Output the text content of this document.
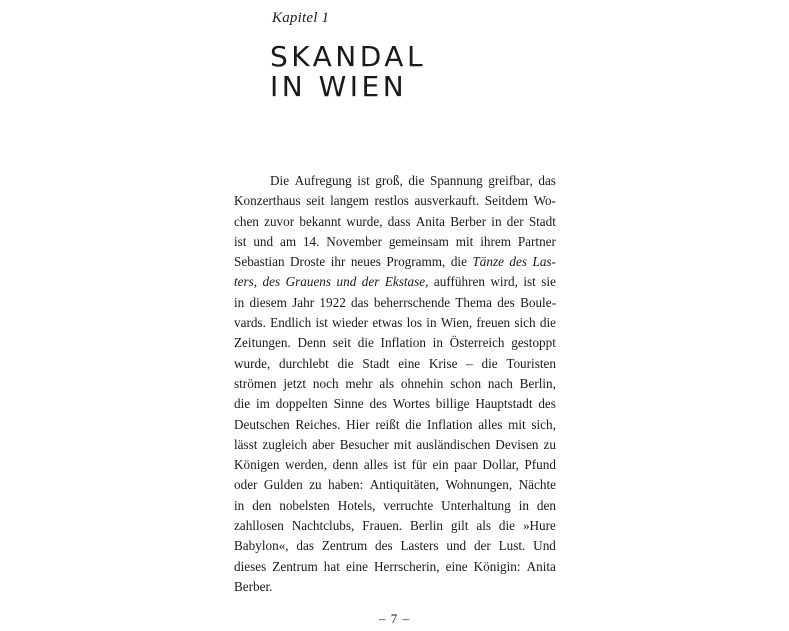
Kapitel 1
SKANDAL
IN WIEN
Die Aufregung ist groß, die Spannung greifbar, das
Konzerthaus seit langem restlos ausverkauft. Seitdem Wo-
chen zuvor bekannt wurde, dass Anita Berber in der Stadt
ist und am 14. November gemeinsam mit ihrem Partner
Sebastian Droste ihr neues Programm, die Tänze des Las-
ters, des Grauens und der Ekstase, aufführen wird, ist sie
in diesem Jahr 1922 das beherrschende Thema des Boule-
vards. Endlich ist wieder etwas los in Wien, freuen sich die
Zeitungen. Denn seit die Inflation in Österreich gestoppt
wurde, durchlebt die Stadt eine Krise – die Touristen
strömen jetzt noch mehr als ohnehin schon nach Berlin,
die im doppelten Sinne des Wortes billige Hauptstadt des
Deutschen Reiches. Hier reißt die Inflation alles mit sich,
lässt zugleich aber Besucher mit ausländischen Devisen zu
Königen werden, denn alles ist für ein paar Dollar, Pfund
oder Gulden zu haben: Antiquitäten, Wohnungen, Nächte
in den nobelsten Hotels, verruchte Unterhaltung in den
zahllosen Nachtclubs, Frauen. Berlin gilt als die »Hure
Babylon«, das Zentrum des Lasters und der Lust. Und
dieses Zentrum hat eine Herrscherin, eine Königin: Anita
Berber.
– 7 –
